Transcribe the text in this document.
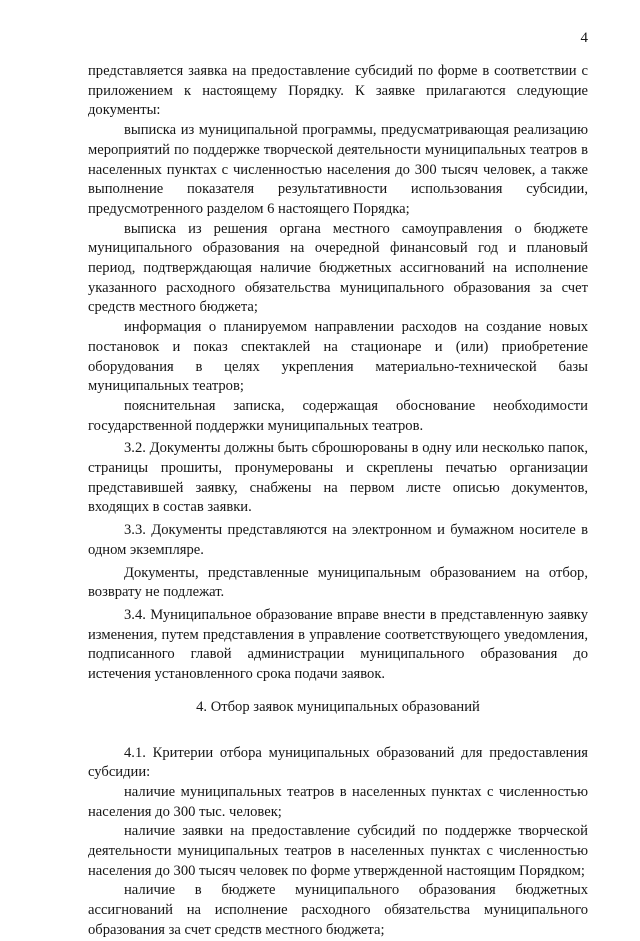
4

представляется заявка на предоставление субсидий по форме в соответствии с приложением к настоящему Порядку. К заявке прилагаются следующие документы:

выписка из муниципальной программы, предусматривающая реализацию мероприятий по поддержке творческой деятельности муниципальных театров в населенных пунктах с численностью населения до 300 тысяч человек, а также выполнение показателя результативности использования субсидии, предусмотренного разделом 6 настоящего Порядка;

выписка из решения органа местного самоуправления о бюджете муниципального образования на очередной финансовый год и плановый период, подтверждающая наличие бюджетных ассигнований на исполнение указанного расходного обязательства муниципального образования за счет средств местного бюджета;

информация о планируемом направлении расходов на создание новых постановок и показ спектаклей на стационаре и (или) приобретение оборудования в целях укрепления материально-технической базы муниципальных театров;

пояснительная записка, содержащая обоснование необходимости государственной поддержки муниципальных театров.

3.2. Документы должны быть сброшюрованы в одну или несколько папок, страницы прошиты, пронумерованы и скреплены печатью организации представившей заявку, снабжены на первом листе описью документов, входящих в состав заявки.

3.3. Документы представляются на электронном и бумажном носителе в одном экземпляре.

Документы, представленные муниципальным образованием на отбор, возврату не подлежат.

3.4. Муниципальное образование вправе внести в представленную заявку изменения, путем представления в управление соответствующего уведомления, подписанного главой администрации муниципального образования до истечения установленного срока подачи заявок.

4. Отбор заявок муниципальных образований

4.1. Критерии отбора муниципальных образований для предоставления субсидии:

наличие муниципальных театров в населенных пунктах с численностью населения до 300 тыс. человек;

наличие заявки на предоставление субсидий по поддержке творческой деятельности муниципальных театров в населенных пунктах с численностью населения до 300 тысяч человек по форме утвержденной настоящим Порядком;

наличие в бюджете муниципального образования бюджетных ассигнований на исполнение расходного обязательства муниципального образования за счет средств местного бюджета;
